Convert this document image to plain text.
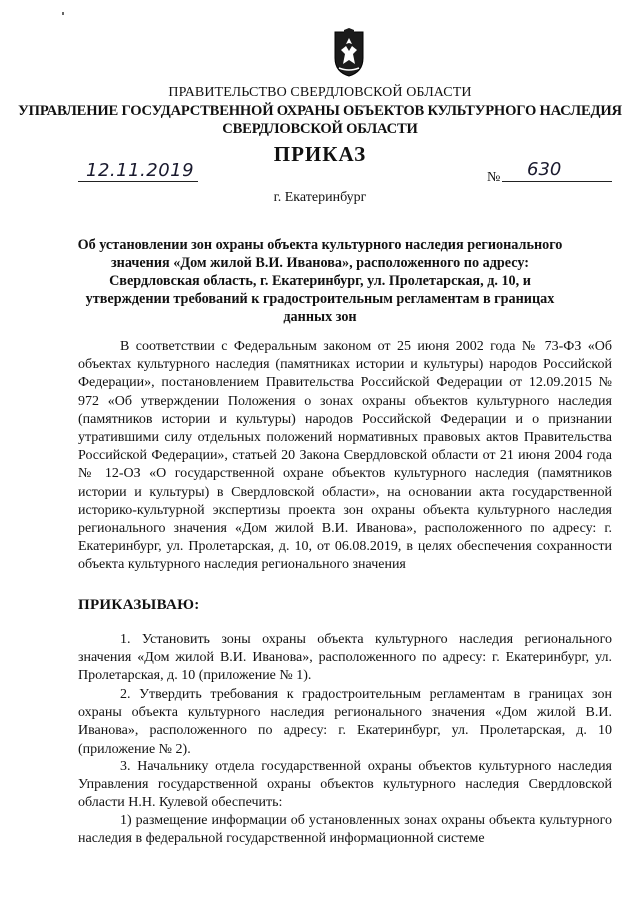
ПРАВИТЕЛЬСТВО СВЕРДЛОВСКОЙ ОБЛАСТИ
УПРАВЛЕНИЕ ГОСУДАРСТВЕННОЙ ОХРАНЫ ОБЪЕКТОВ КУЛЬТУРНОГО НАСЛЕДИЯ СВЕРДЛОВСКОЙ ОБЛАСТИ
ПРИКАЗ
12.11.2019	№ 630
г. Екатеринбург
Об установлении зон охраны объекта культурного наследия регионального значения «Дом жилой В.И. Иванова», расположенного по адресу: Свердловская область, г. Екатеринбург, ул. Пролетарская, д. 10, и утверждении требований к градостроительным регламентам в границах данных зон

В соответствии с Федеральным законом от 25 июня 2002 года № 73-ФЗ «Об объектах культурного наследия (памятниках истории и культуры) народов Российской Федерации», постановлением Правительства Российской Федерации от 12.09.2015 № 972 «Об утверждении Положения о зонах охраны объектов культурного наследия (памятников истории и культуры) народов Российской Федерации и о признании утратившими силу отдельных положений нормативных правовых актов Правительства Российской Федерации», статьей 20 Закона Свердловской области от 21 июня 2004 года № 12-ОЗ «О государственной охране объектов культурного наследия (памятников истории и культуры) в Свердловской области», на основании акта государственной историко-культурной экспертизы проекта зон охраны объекта культурного наследия регионального значения «Дом жилой В.И. Иванова», расположенного по адресу: г. Екатеринбург, ул. Пролетарская, д. 10, от 06.08.2019, в целях обеспечения сохранности объекта культурного наследия регионального значения

ПРИКАЗЫВАЮ:

1. Установить зоны охраны объекта культурного наследия регионального значения «Дом жилой В.И. Иванова», расположенного по адресу: г. Екатеринбург, ул. Пролетарская, д. 10 (приложение № 1).

2. Утвердить требования к градостроительным регламентам в границах зон охраны объекта культурного наследия регионального значения «Дом жилой В.И. Иванова», расположенного по адресу: г. Екатеринбург, ул. Пролетарская, д. 10 (приложение № 2).

3. Начальнику отдела государственной охраны объектов культурного наследия Управления государственной охраны объектов культурного наследия Свердловской области Н.Н. Кулевой обеспечить:

1) размещение информации об установленных зонах охраны объекта культурного наследия в федеральной государственной информационной системе
